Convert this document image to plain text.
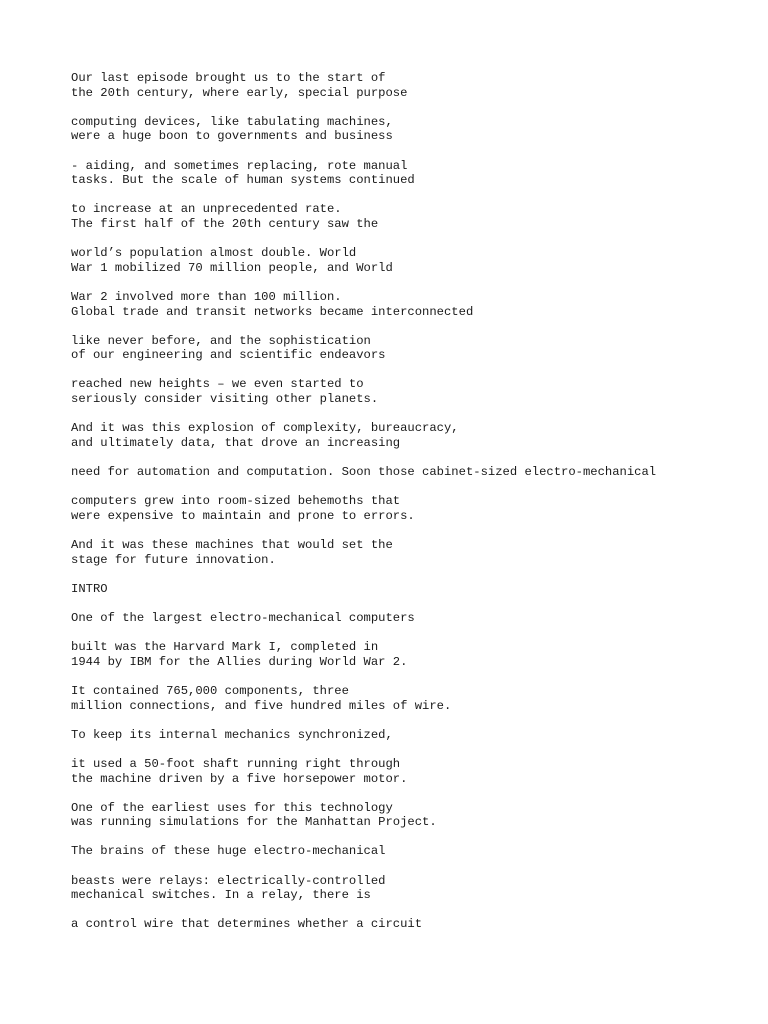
Our last episode brought us to the start of
the 20th century, where early, special purpose
computing devices, like tabulating machines,
were a huge boon to governments and business
- aiding, and sometimes replacing, rote manual
tasks. But the scale of human systems continued
to increase at an unprecedented rate.
The first half of the 20th century saw the
world’s population almost double. World
War 1 mobilized 70 million people, and World
War 2 involved more than 100 million.
Global trade and transit networks became interconnected
like never before, and the sophistication
of our engineering and scientific endeavors
reached new heights – we even started to
seriously consider visiting other planets.
And it was this explosion of complexity, bureaucracy,
and ultimately data, that drove an increasing
need for automation and computation. Soon those cabinet-sized electro-mechanical
computers grew into room-sized behemoths that
were expensive to maintain and prone to errors.
And it was these machines that would set the
stage for future innovation.
INTRO
One of the largest electro-mechanical computers
built was the Harvard Mark I, completed in
1944 by IBM for the Allies during World War 2.
It contained 765,000 components, three
million connections, and five hundred miles of wire.
To keep its internal mechanics synchronized,
it used a 50-foot shaft running right through
the machine driven by a five horsepower motor.
One of the earliest uses for this technology
was running simulations for the Manhattan Project.
The brains of these huge electro-mechanical
beasts were relays: electrically-controlled
mechanical switches. In a relay, there is
a control wire that determines whether a circuit
